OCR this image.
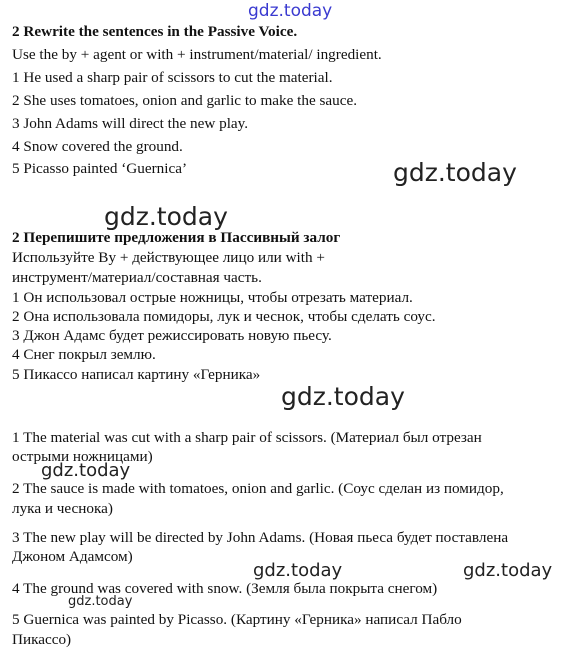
gdz.today
gdz.today
gdz.today
gdz.today
gdz.today
gdz.today	gdz.today
gdz.today
2 Rewrite the sentences in the Passive Voice.
Use the by + agent or with + instrument/material/ ingredient.
1 He used a sharp pair of scissors to cut the material.
2 She uses tomatoes, onion and garlic to make the sauce.
3 John Adams will direct the new play.
4 Snow covered the ground.
5 Picasso painted ‘Guernica’
2 Перепишите предложения в Пассивный залог
Используйте By + действующее лицо или with +
инструмент/материал/составная часть.
1 Он использовал острые ножницы, чтобы отрезать материал.
2 Она использовала помидоры, лук и чеснок, чтобы сделать соус.
3 Джон Адамс будет режиссировать новую пьесу.
4 Снег покрыл землю.
5 Пикассо написал картину «Герника»
1 The material was cut with a sharp pair of scissors. (Материал был отрезан
острыми ножницами)
2 The sauce is made with tomatoes, onion and garlic. (Соус сделан из помидор,
лука и чеснока)
3 The new play will be directed by John Adams. (Новая пьеса будет поставлена
Джоном Адамсом)
4 The ground was covered with snow. (Земля была покрыта снегом)
5 Guernica was painted by Picasso. (Картину «Герника» написал Пабло
Пикассо)
